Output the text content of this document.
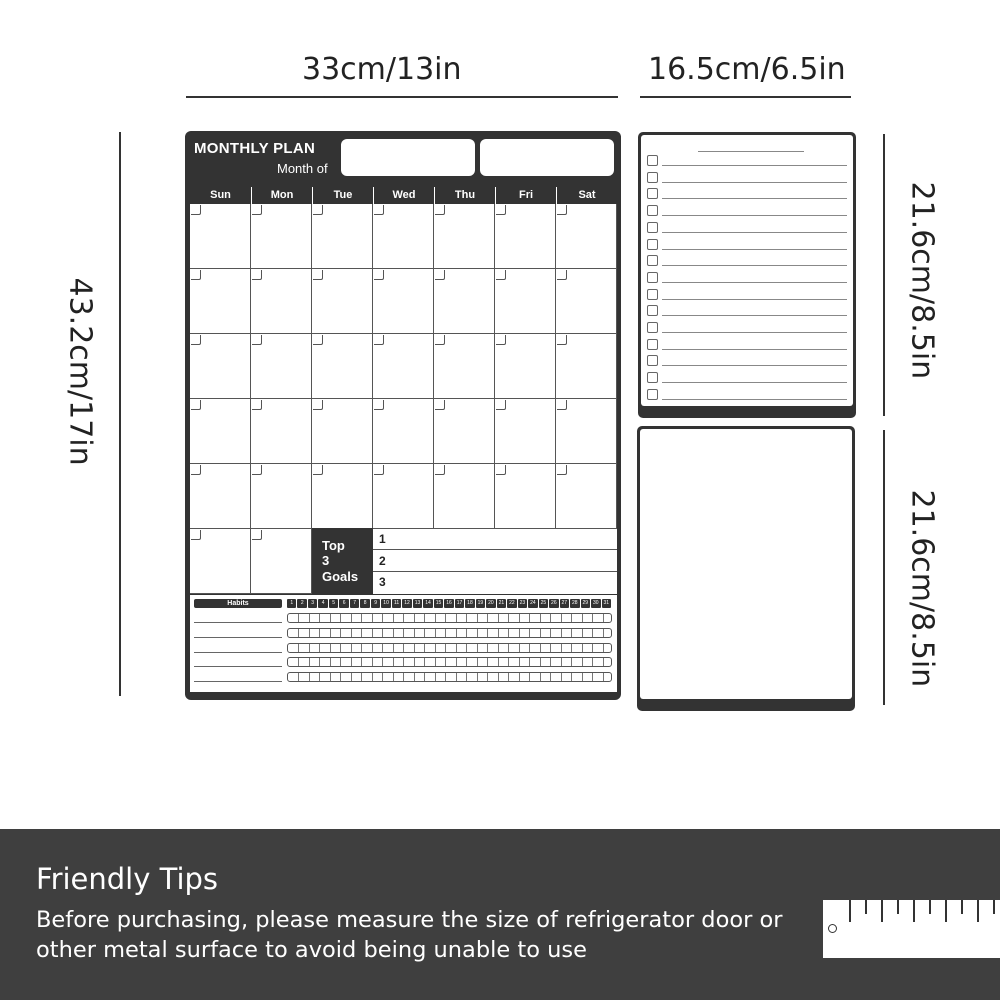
33cm/13in	16.5cm/6.5in
43.2cm/17in	21.6cm/8.5in
21.6cm/8.5in
MONTHLY PLAN
Month of
Sun	Mon	Tue	Wed	Thu	Fri	Sat
Top
3
Goals
1
2
3
Habits	1	2	3	4	5	6	7	8	9	10	11	12 13 14 15 16 17 18 19 20 21 22 23 24 25 26 27 28 29 30 31
Friendly Tips
Before purchasing, please measure the size of refrigerator door or other metal surface to avoid being unable to use
